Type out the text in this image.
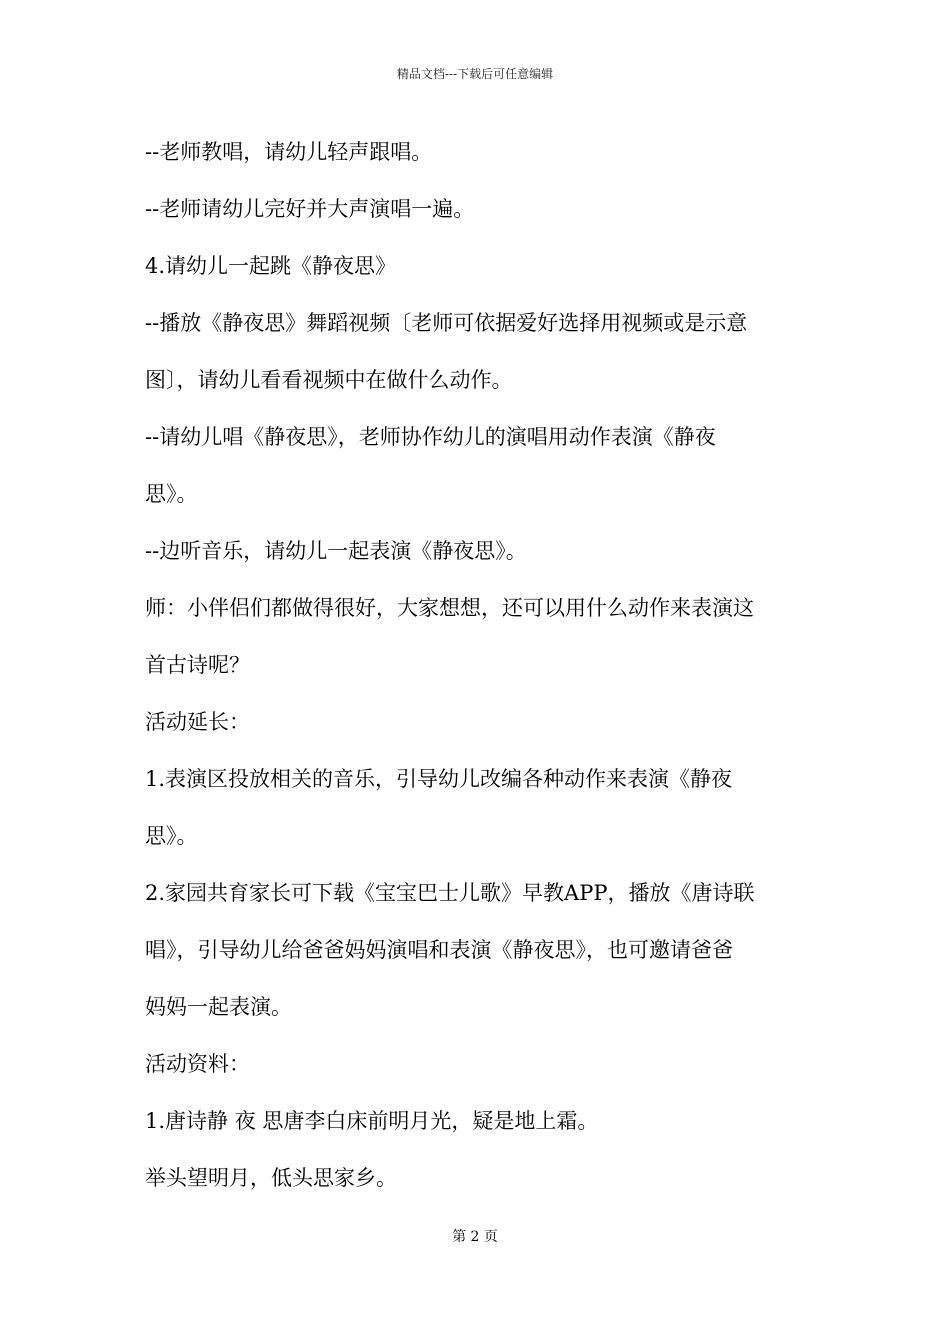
精品文档---下载后可任意编辑
--老师教唱，请幼儿轻声跟唱。
--老师请幼儿完好并大声演唱一遍。
4.请幼儿一起跳《静夜思》
--播放《静夜思》舞蹈视频〔老师可依据爱好选择用视频或是示意
图〕，请幼儿看看视频中在做什么动作。
--请幼儿唱《静夜思》，老师协作幼儿的演唱用动作表演《静夜
思》。
--边听音乐，请幼儿一起表演《静夜思》。
师：小伴侣们都做得很好，大家想想，还可以用什么动作来表演这
首古诗呢？
活动延长：
1.表演区投放相关的音乐，引导幼儿改编各种动作来表演《静夜
思》。
2.家园共育家长可下载《宝宝巴士儿歌》早教APP，播放《唐诗联
唱》，引导幼儿给爸爸妈妈演唱和表演《静夜思》，也可邀请爸爸
妈妈一起表演。
活动资料：
1.唐诗静 夜 思唐李白床前明月光，疑是地上霜。
举头望明月，低头思家乡。
第 2 页
